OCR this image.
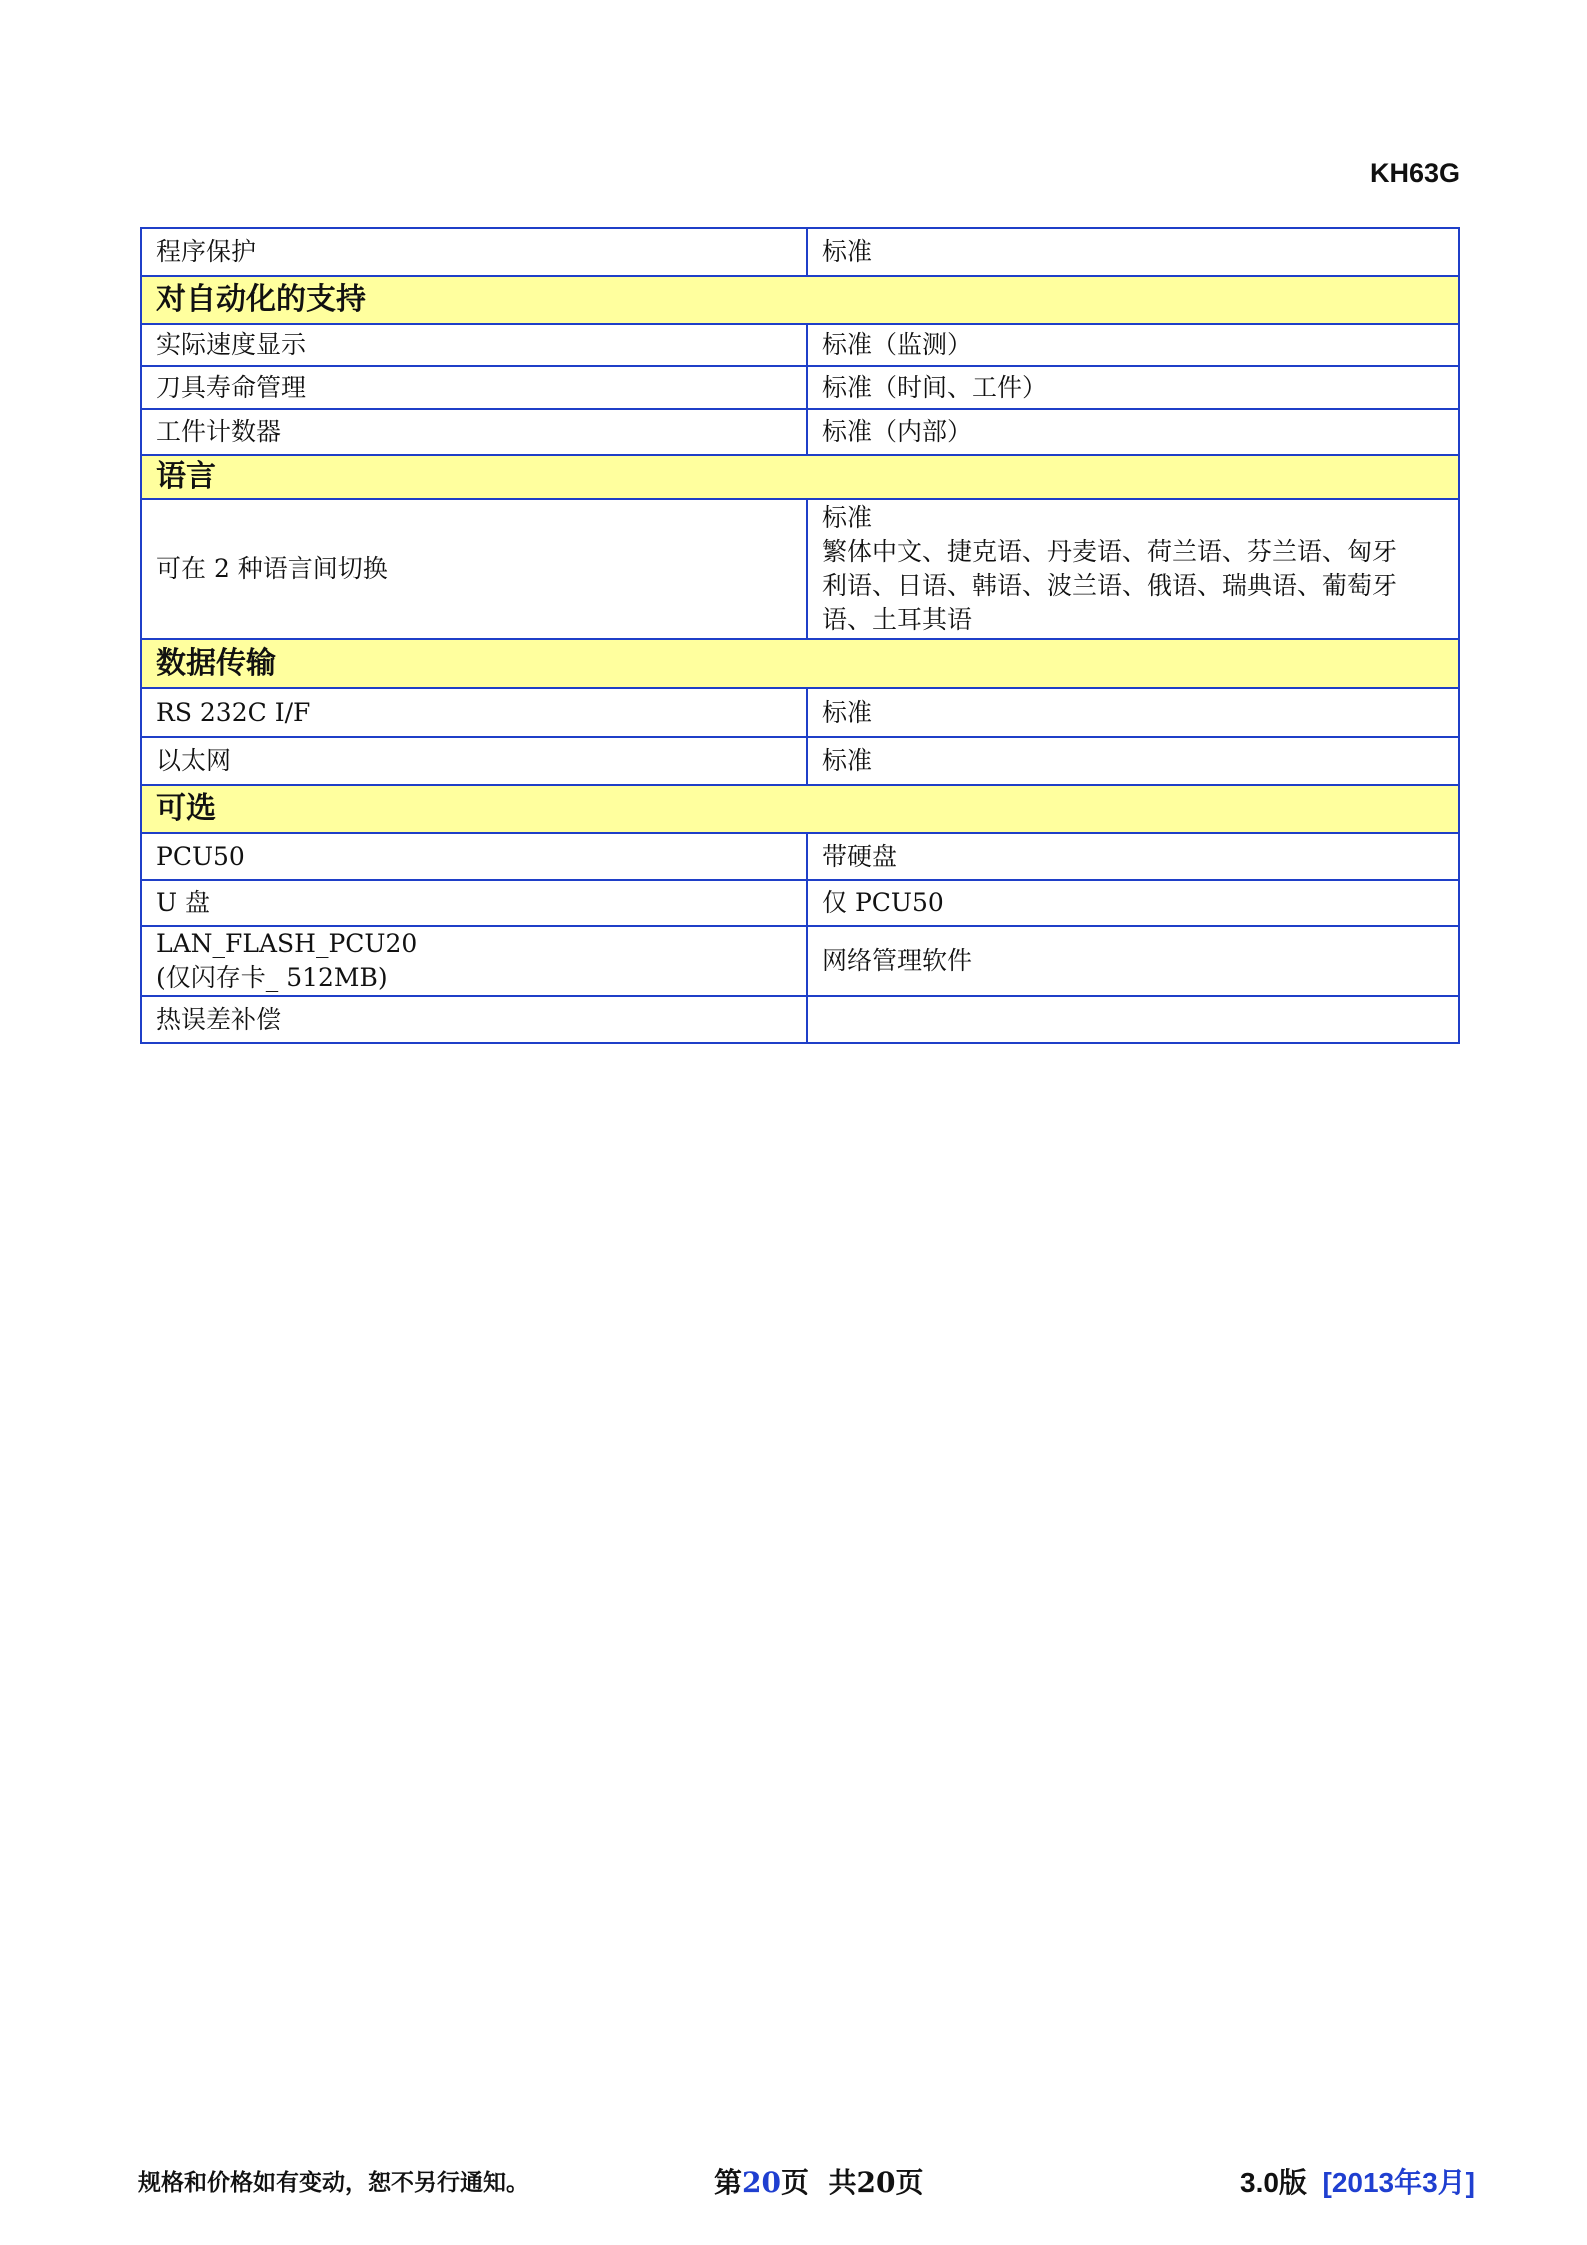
KH63G
程序保护	标准

对自动化的支持	

实际速度显示	标准（监测）

刀具寿命管理	标准（时间、工件）

工件计数器	标准（内部）

语言	

可在 2 种语言间切换	标准
繁体中文、捷克语、丹麦语、荷兰语、芬兰语、匈牙
利语、日语、韩语、波兰语、俄语、瑞典语、葡萄牙
语、土耳其语

数据传输	

RS 232C I/F	标准

以太网	标准

可选	

PCU50	带硬盘

U 盘	仅 PCU50

LAN_FLASH_PCU20
(仅闪存卡_ 512MB)	网络管理软件

热误差补偿	

规格和价格如有变动，恕不另行通知。	第20页  共20页	3.0版 [2013年3月]
